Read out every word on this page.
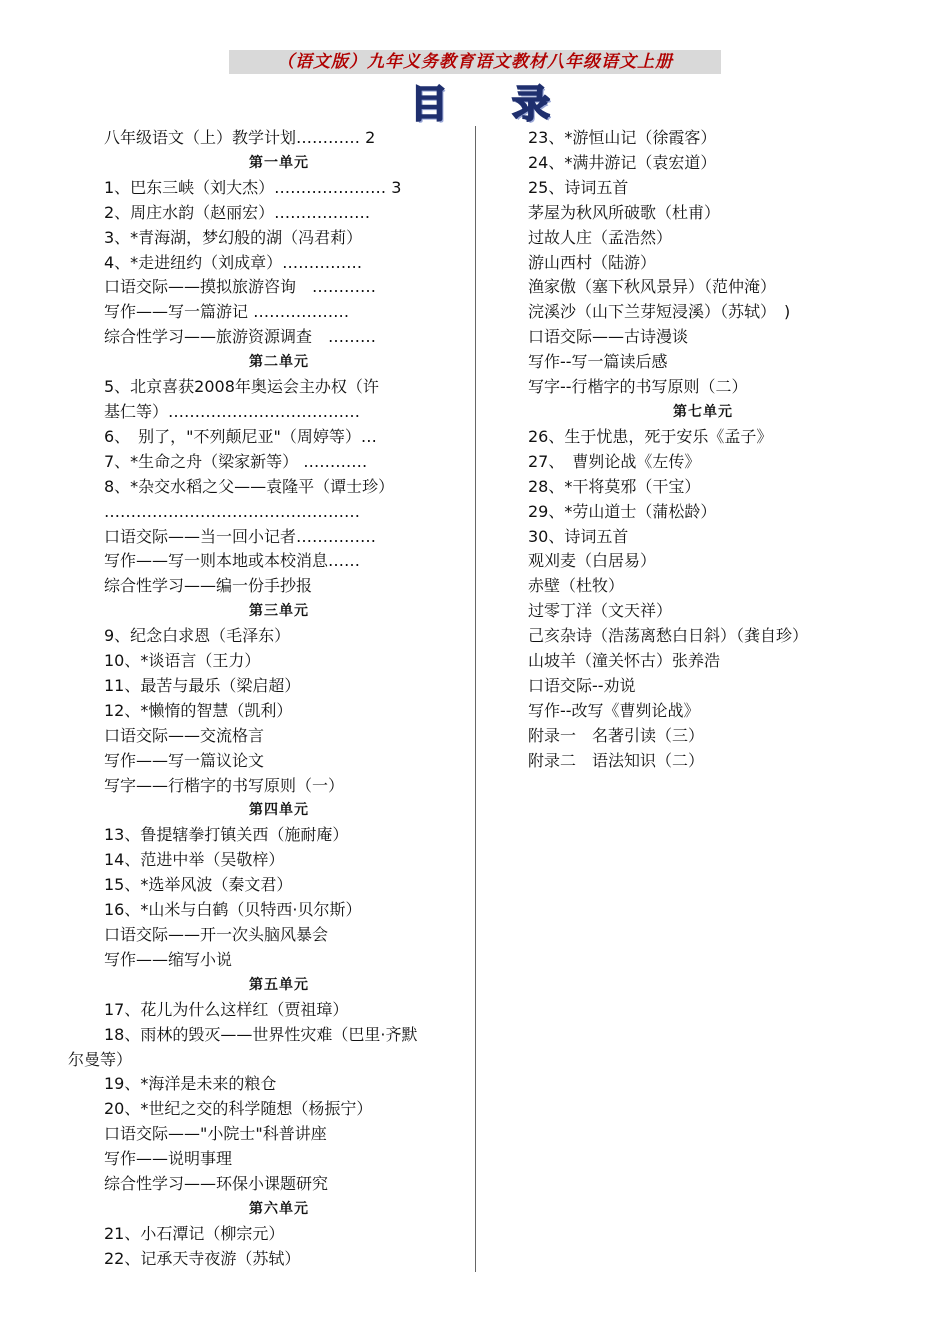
（语文版）九年义务教育语文教材八年级语文上册
目 录
八年级语文（上）教学计划………… 2
第一单元
1、巴东三峡（刘大杰）………………… 3
2、周庄水韵（赵丽宏）………………
3、*青海湖，梦幻般的湖（冯君莉）
4、*走进纽约（刘成章）……………
口语交际——摸拟旅游咨询　…………
写作——写一篇游记 ………………
综合性学习——旅游资源调查　………
第二单元
5、北京喜获2008年奥运会主办权（许
基仁等）………………………………
6、　别了，"不列颠尼亚"（周婷等）…
7、*生命之舟（梁家新等） …………
8、*杂交水稻之父——袁隆平（谭士珍）
…………………………………………
口语交际——当一回小记者……………
写作——写一则本地或本校消息……
综合性学习——编一份手抄报
第三单元
9、纪念白求恩（毛泽东）
10、*谈语言（王力）
11、最苦与最乐（梁启超）
12、*懒惰的智慧（凯利）
口语交际——交流格言
写作——写一篇议论文
写字——行楷字的书写原则（一）
第四单元
13、鲁提辖拳打镇关西（施耐庵）
14、范进中举（吴敬梓）
15、*选举风波（秦文君）
16、*山米与白鹤（贝特西·贝尔斯）
口语交际——开一次头脑风暴会
写作——缩写小说
第五单元
17、花儿为什么这样红（贾祖璋）
18、雨林的毁灭——世界性灾难（巴里·齐默
尔曼等）
19、*海洋是未来的粮仓
20、*世纪之交的科学随想（杨振宁）
口语交际——"小院士"科普讲座
写作——说明事理
综合性学习——环保小课题研究
第六单元
21、小石潭记（柳宗元）
22、记承天寺夜游（苏轼）
23、*游恒山记（徐霞客）
24、*满井游记（袁宏道）
25、诗词五首
茅屋为秋风所破歌（杜甫）
过故人庄（孟浩然）
游山西村（陆游）
渔家傲（塞下秋风景异）（范仲淹）
浣溪沙（山下兰芽短浸溪）（苏轼）　)
口语交际——古诗漫谈
写作--写一篇读后感
写字--行楷字的书写原则（二）
第七单元
26、生于忧患，死于安乐《孟子》
27、　曹刿论战《左传》
28、*干将莫邪（干宝）
29、*劳山道士（蒲松龄）
30、诗词五首
观刈麦（白居易）
赤壁（杜牧）
过零丁洋（文天祥）
己亥杂诗（浩荡离愁白日斜）（龚自珍）
山坡羊（潼关怀古）张养浩
口语交际--劝说
写作--改写《曹刿论战》
附录一　名著引读（三）
附录二　语法知识（二）
